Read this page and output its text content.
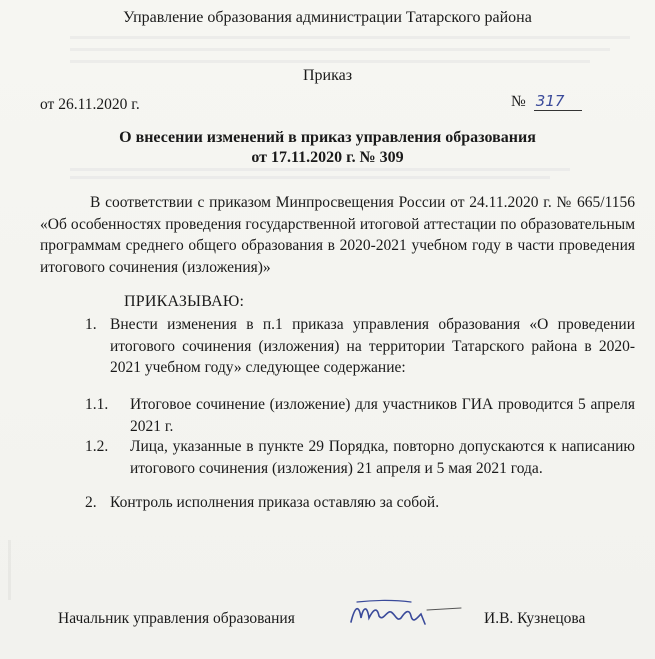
Управление образования администрации Татарского района
Приказ
от 26.11.2020 г.	№ 317
О внесении изменений в приказ управления образования
от 17.11.2020 г. № 309
В соответствии с приказом Минпросвещения России от 24.11.2020 г. № 665/1156 «Об особенностях проведения государственной итоговой аттестации по образовательным программам среднего общего образования в 2020-2021 учебном году в части проведения итогового сочинения (изложения)»
ПРИКАЗЫВАЮ:
1. Внести изменения в п.1 приказа управления образования «О проведении итогового сочинения (изложения) на территории Татарского района в 2020-2021 учебном году» следующее содержание:
1.1. Итоговое сочинение (изложение) для участников ГИА проводится 5 апреля 2021 г.
1.2. Лица, указанные в пункте 29 Порядка, повторно допускаются к написанию итогового сочинения (изложения) 21 апреля и 5 мая 2021 года.
2. Контроль исполнения приказа оставляю за собой.
Начальник управления образования	И.В. Кузнецова
